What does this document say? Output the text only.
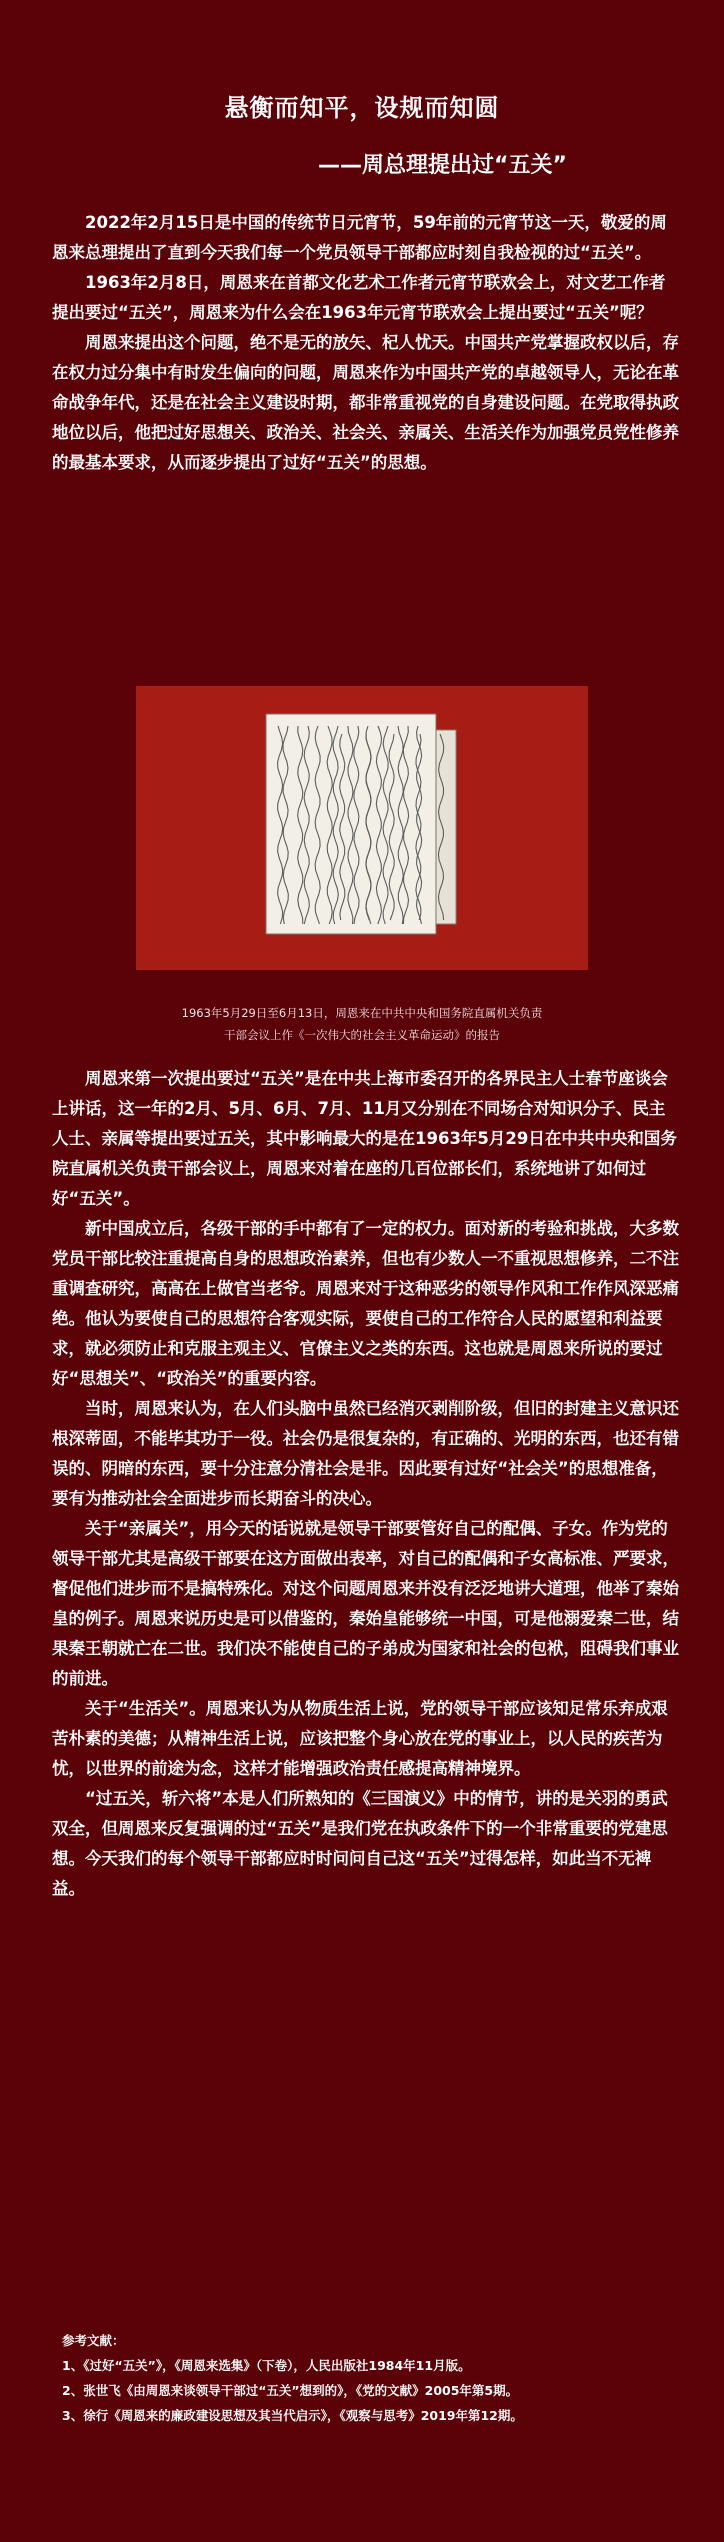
悬衡而知平，设规而知圆
——周总理提出过“五关”

2022年2月15日是中国的传统节日元宵节，59年前的元宵节这一天，敬爱的周恩来总理提出了直到今天我们每一个党员领导干部都应时刻自我检视的过“五关”。

1963年2月8日，周恩来在首都文化艺术工作者元宵节联欢会上，对文艺工作者提出要过“五关”，周恩来为什么会在1963年元宵节联欢会上提出要过“五关”呢？

周恩来提出这个问题，绝不是无的放矢、杞人忧天。中国共产党掌握政权以后，存在权力过分集中有时发生偏向的问题，周恩来作为中国共产党的卓越领导人，无论在革命战争年代，还是在社会主义建设时期，都非常重视党的自身建设问题。在党取得执政地位以后，他把过好思想关、政治关、社会关、亲属关、生活关作为加强党员党性修养的最基本要求，从而逐步提出了过好“五关”的思想。

1963年5月29日至6月13日，周恩来在中共中央和国务院直属机关负责
干部会议上作《一次伟大的社会主义革命运动》的报告

周恩来第一次提出要过“五关”是在中共上海市委召开的各界民主人士春节座谈会上讲话，这一年的2月、5月、6月、7月、11月又分别在不同场合对知识分子、民主人士、亲属等提出要过五关，其中影响最大的是在1963年5月29日在中共中央和国务院直属机关负责干部会议上，周恩来对着在座的几百位部长们，系统地讲了如何过好“五关”。

新中国成立后，各级干部的手中都有了一定的权力。面对新的考验和挑战，大多数党员干部比较注重提高自身的思想政治素养，但也有少数人一不重视思想修养，二不注重调查研究，高高在上做官当老爷。周恩来对于这种恶劣的领导作风和工作作风深恶痛绝。他认为要使自己的思想符合客观实际，要使自己的工作符合人民的愿望和利益要求，就必须防止和克服主观主义、官僚主义之类的东西。这也就是周恩来所说的要过好“思想关”、“政治关”的重要内容。

当时，周恩来认为，在人们头脑中虽然已经消灭剥削阶级，但旧的封建主义意识还根深蒂固，不能毕其功于一役。社会仍是很复杂的，有正确的、光明的东西，也还有错误的、阴暗的东西，要十分注意分清社会是非。因此要有过好“社会关”的思想准备，要有为推动社会全面进步而长期奋斗的决心。

关于“亲属关”，用今天的话说就是领导干部要管好自己的配偶、子女。作为党的领导干部尤其是高级干部要在这方面做出表率，对自己的配偶和子女高标准、严要求，督促他们进步而不是搞特殊化。对这个问题周恩来并没有泛泛地讲大道理，他举了秦始皇的例子。周恩来说历史是可以借鉴的，秦始皇能够统一中国，可是他溺爱秦二世，结果秦王朝就亡在二世。我们决不能使自己的子弟成为国家和社会的包袱，阻碍我们事业的前进。

关于“生活关”。周恩来认为从物质生活上说，党的领导干部应该知足常乐弃成艰苦朴素的美德；从精神生活上说，应该把整个身心放在党的事业上，以人民的疾苦为忧，以世界的前途为念，这样才能增强政治责任感提高精神境界。

“过五关，斩六将”本是人们所熟知的《三国演义》中的情节，讲的是关羽的勇武双全，但周恩来反复强调的过“五关”是我们党在执政条件下的一个非常重要的党建思想。今天我们的每个领导干部都应时时问问自己这“五关”过得怎样，如此当不无裨益。

参考文献：

1、《过好“五关”》，《周恩来选集》（下卷），人民出版社1984年11月版。

2、张世飞《由周恩来谈领导干部过“五关”想到的》，《党的文献》2005年第5期。

3、徐行《周恩来的廉政建设思想及其当代启示》，《观察与思考》2019年第12期。
